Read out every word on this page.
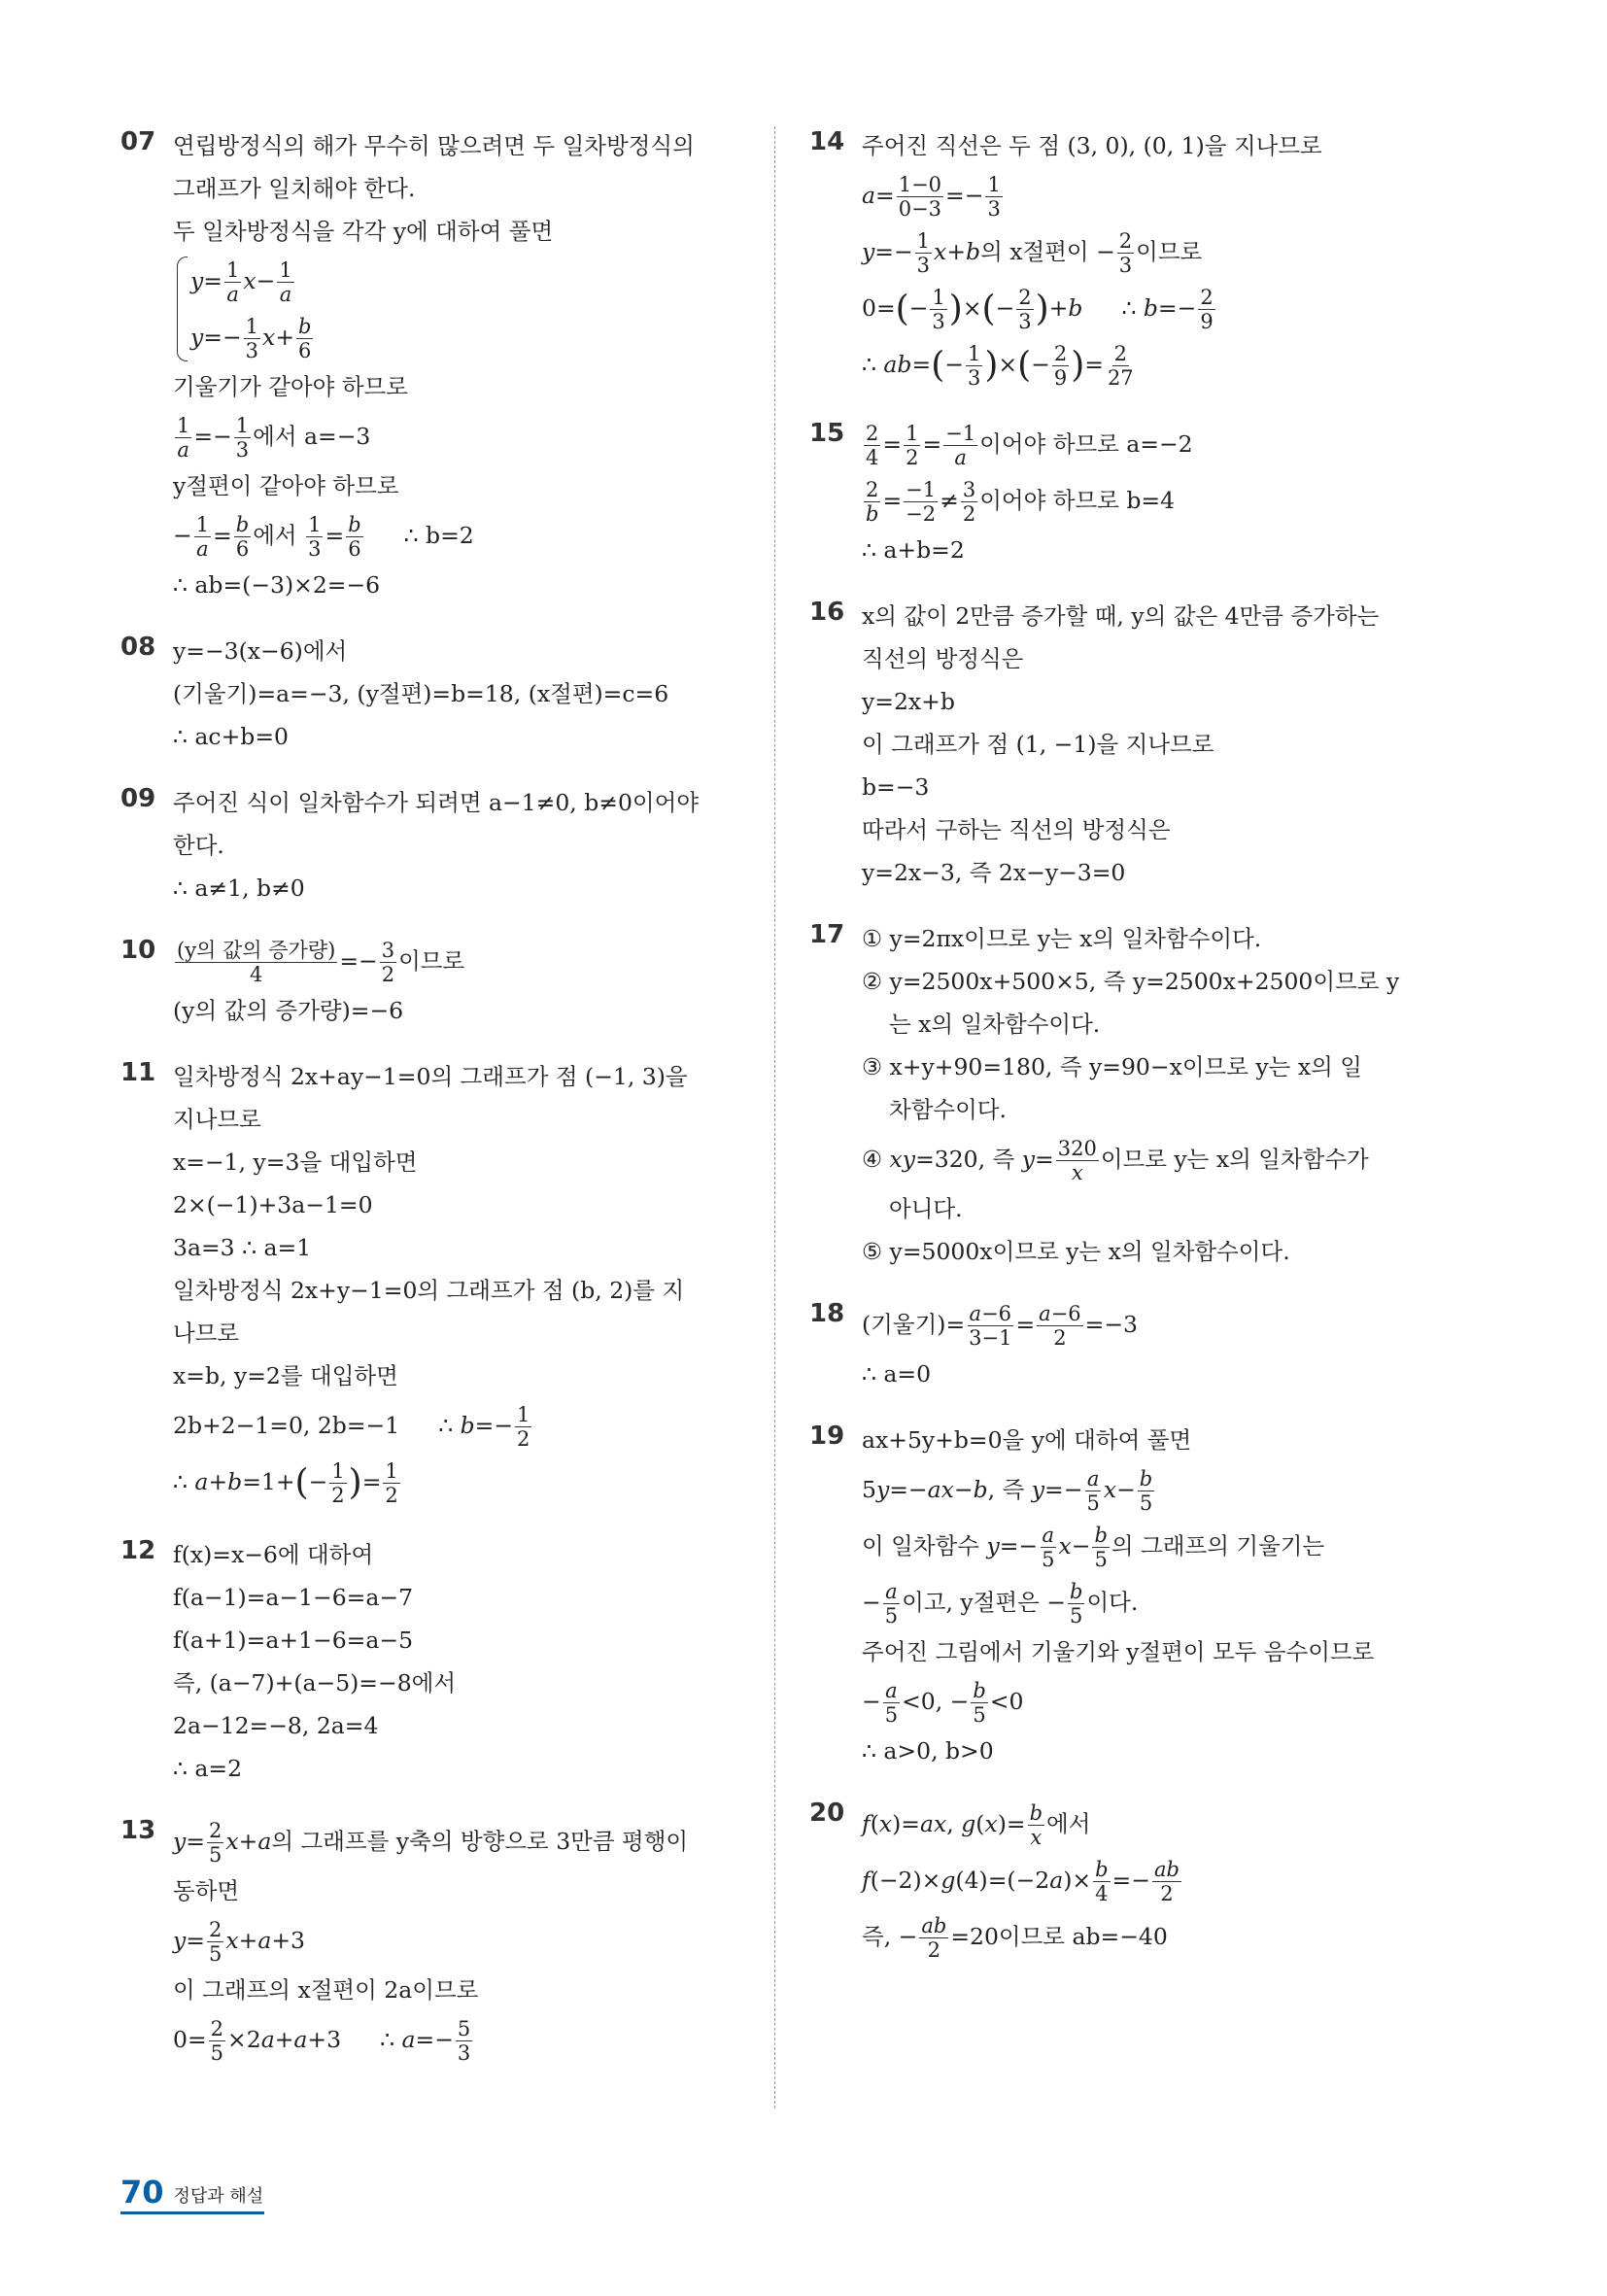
07 연립방정식의 해가 무수히 많으려면 두 일차방정식의
그래프가 일치해야 한다.
두 일차방정식을 각각 y에 대하여 풀면
$y= \frac{1}{a} x- \frac{1}{a}$
$y=- \frac{1}{3} x+ \frac{b}{6}$
기울기가 같아야 하므로
$\frac{1}{a} =- \frac{1}{3}$ 에서 a=−3
y절편이 같아야 하므로
− $\frac{1}{a} = \frac{b}{6}$ 에서 $\frac{1}{3} = \frac{b}{6}$ ∴ b=2
∴ ab=(−3)×2=−6
08 y=−3(x−6)에서
(기울기)=a=−3, (y절편)=b=18, (x절편)=c=6
∴ ac+b=0
09 주어진 식이 일차함수가 되려면 a−1≠0, b≠0이어야
한다.
∴ a≠1, b≠0
10 (y의 값의 증가량)
4	=− $\frac{3}{2}$ 이므로
(y의 값의 증가량)=−6
11 일차방정식 2x+ay−1=0의 그래프가 점 (−1, 3)을
지나므로
x=−1, y=3을 대입하면
2×(−1)+3a−1=0
3a=3 ∴ a=1
일차방정식 2x+y−1=0의 그래프가 점 (b, 2)를 지
나므로
x=b, y=2를 대입하면
2b+2−1=0, 2b=−1 ∴ $b=- \frac{1}{2}$
∴ $a+b=1+(- \frac{1}{2}$ )= $\frac{1}{2}$
12 f(x)=x−6에 대하여
f(a−1)=a−1−6=a−7
f(a+1)=a+1−6=a−5
즉, (a−7)+(a−5)=−8에서
2a−12=−8, 2a=4
∴ a=2
13 $y= \frac{2}{5} x+a$의 그래프를 y축의 방향으로 3만큼 평행이
동하면
$y= \frac{2}{5} x+a+3$
이 그래프의 x절편이 2a이므로
$0= \frac{2}{5} \times 2a+a+3$ ∴ $a=- \frac{5}{3}$
14 주어진 직선은 두 점 (3, 0), (0, 1)을 지나므로
$a= \frac{1-0}{0-3} =- \frac{1}{3}$
$y=- \frac{1}{3} x+b$의 x절편이 − $\frac{2}{3}$ 이므로
$0=(- \frac{1}{3}$ )×(− $\frac{2}{3} )+b$ ∴ $b=- \frac{2}{9}$
∴ $ab=(- \frac{1}{3}$ )×(− $\frac{2}{9}$ )= $\frac{2}{27}$
$15 \frac{2}{4} = \frac{1}{2} = \frac{-1}{a}$ 이어야 하므로 a=−2
$\frac{2}{b} = \frac{-1}{-2} \ne \frac{3}{2}$ 이어야 하므로 b=4
∴ a+b=2
16 x의 값이 2만큼 증가할 때, y의 값은 4만큼 증가하는
직선의 방정식은
y=2x+b
이 그래프가 점 (1, −1)을 지나므로
b=−3
따라서 구하는 직선의 방정식은
y=2x−3, 즉 2x−y−3=0
17 ① y=2πx이므로 y는 x의 일차함수이다.
② y=2500x+500×5, 즉 y=2500x+2500이므로 y
는 x의 일차함수이다.
③ x+y+90=180, 즉 y=90−x이므로 y는 x의 일
차함수이다.
④ xy=320, 즉 $y= \frac{320}{x}$ 이므로 y는 x의 일차함수가
아니다.
⑤ y=5000x이므로 y는 x의 일차함수이다.
18 (기울기)= $\frac{a-6}{3-1} = \frac{a-6}{2} =-3$
∴ a=0
19 ax+5y+b=0을 y에 대하여 풀면
5y=−ax−b, 즉 $y=- \frac{a}{5} x- \frac{b}{5}$
이 일차함수 $y=- \frac{a}{5} x- \frac{b}{5}$ 의 그래프의 기울기는
− $\frac{a}{5}$ 이고, y절편은 − $\frac{b}{5}$ 이다.
주어진 그림에서 기울기와 y절편이 모두 음수이므로
− $\frac{a}{5} <0$, − $\frac{b}{5} <0$
∴ a>0, b>0
20 f(x)=ax, $g(x)= \frac{b}{x}$ 에서
$f(-2)\times g(4)=(-2a)\times \frac{b}{4} =- \frac{ab}{2}$
즉, − $\frac{ab}{2} =20$이므로 ab=−40
70 정답과 해설
